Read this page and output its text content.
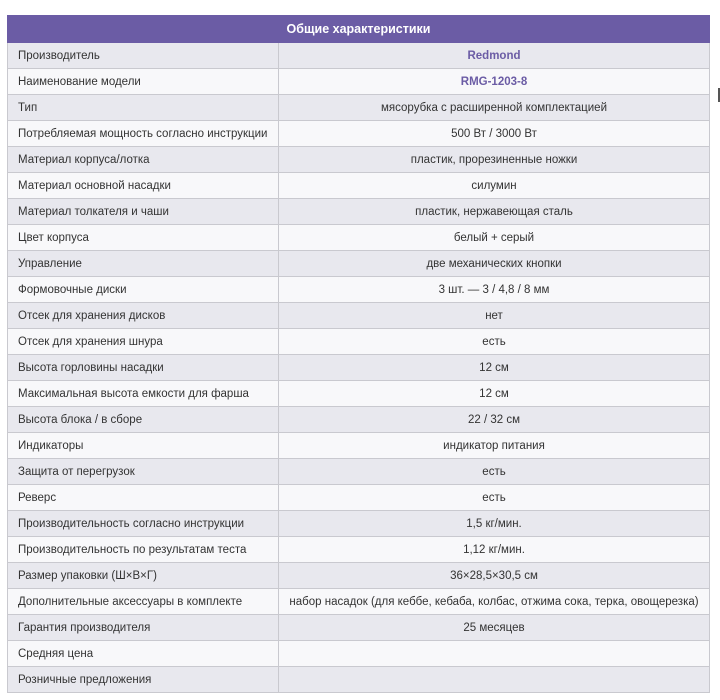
Общие характеристики	
Производитель	Redmond
Наименование модели	RMG-1203-8
Тип	мясорубка с расширенной комплектацией
Потребляемая мощность согласно инструкции	500 Вт / 3000 Вт
Материал корпуса/лотка	пластик, прорезиненные ножки
Материал основной насадки	силумин
Материал толкателя и чаши	пластик, нержавеющая сталь
Цвет корпуса	белый + серый
Управление	две механических кнопки
Формовочные диски	3 шт. — 3 / 4,8 / 8 мм
Отсек для хранения дисков	нет
Отсек для хранения шнура	есть
Высота горловины насадки	12 см
Максимальная высота емкости для фарша	12 см
Высота блока / в сборе	22 / 32 см
Индикаторы	индикатор питания
Защита от перегрузок	есть
Реверс	есть
Производительность согласно инструкции	1,5 кг/мин.
Производительность по результатам теста	1,12 кг/мин.
Размер упаковки (Ш×В×Г)	36×28,5×30,5 см
Дополнительные аксессуары в комплекте	набор насадок (для кеббе, кебаба, колбас, отжима сока, терка, овощерезка)
Гарантия производителя	25 месяцев
Средняя цена	
Розничные предложения	
